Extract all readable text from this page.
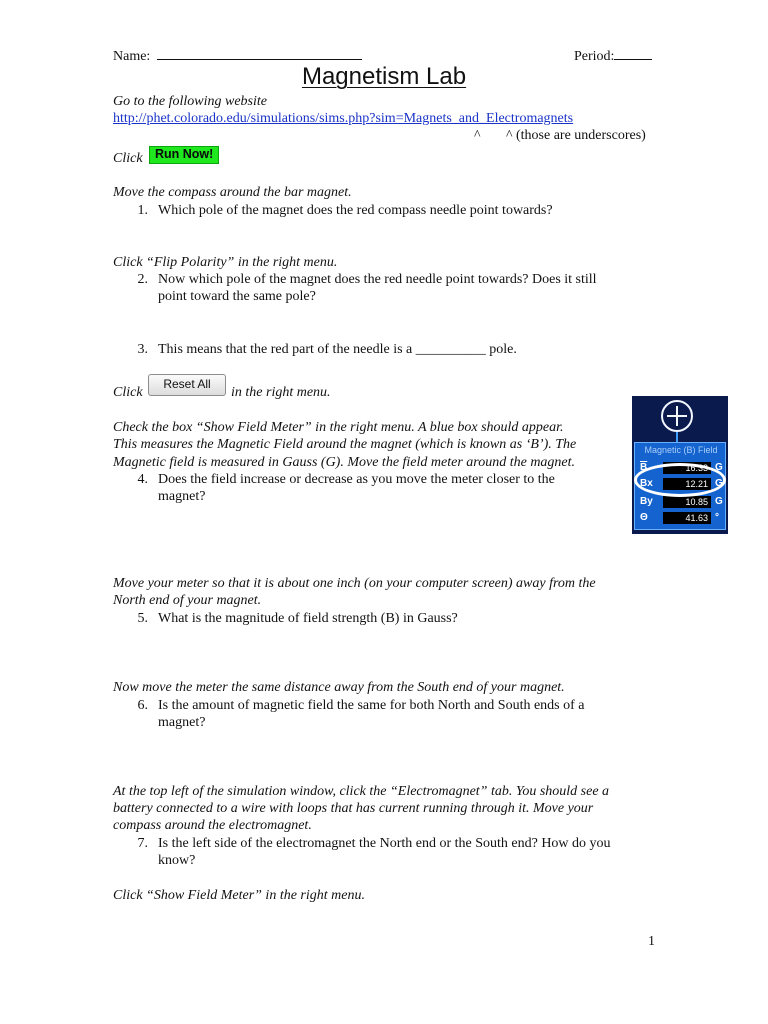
Name:	Period:
Magnetism Lab
Go to the following website
http://phet.colorado.edu/simulations/sims.php?sim=Magnets_and_Electromagnets
^ ^ (those are underscores)
Click Run Now!
Move the compass around the bar magnet.
1. Which pole of the magnet does the red compass needle point towards?
Click “Flip Polarity” in the right menu.
2. Now which pole of the magnet does the red needle point towards? Does it still
point toward the same pole?
3. This means that the red part of the needle is a __________ pole.
Click
Reset All
in the right menu.
Check the box “Show Field Meter” in the right menu. A blue box should appear.
This measures the Magnetic Field around the magnet (which is known as ‘B’). The
Magnetic field is measured in Gauss (G). Move the field meter around the magnet.
4. Does the field increase or decrease as you move the meter closer to the
magnet?
Magnetic (B) Field
$\overline{B}$	16.33 G
Bx	12.21 G
By	10.85 G
Θ	41.63 °
Move your meter so that it is about one inch (on your computer screen) away from the
North end of your magnet.
5. What is the magnitude of field strength (B) in Gauss?
Now move the meter the same distance away from the South end of your magnet.
6. Is the amount of magnetic field the same for both North and South ends of a
magnet?
At the top left of the simulation window, click the “Electromagnet” tab. You should see a
battery connected to a wire with loops that has current running through it. Move your
compass around the electromagnet.
7. Is the left side of the electromagnet the North end or the South end? How do you
know?
Click “Show Field Meter” in the right menu.
1
